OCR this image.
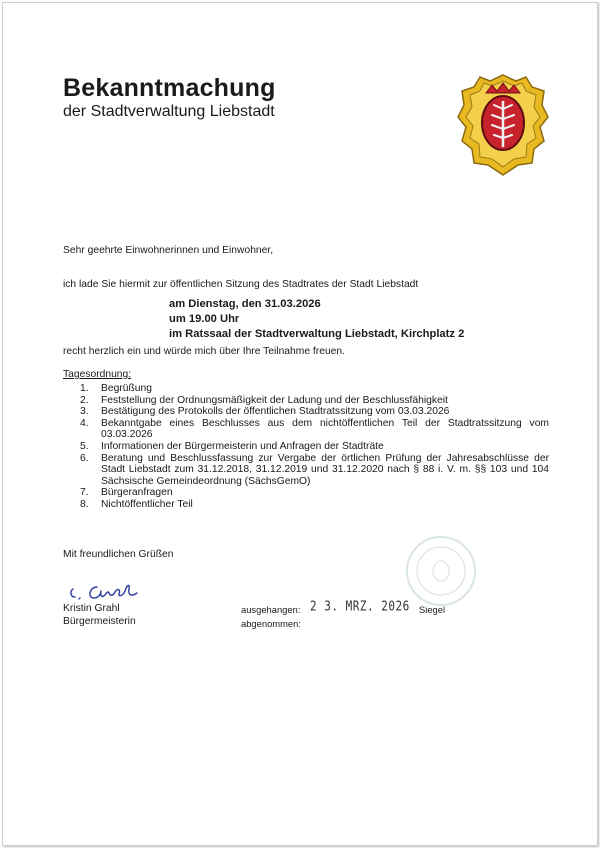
Bekanntmachung
der Stadtverwaltung Liebstadt
Sehr geehrte Einwohnerinnen und Einwohner,
ich lade Sie hiermit zur öffentlichen Sitzung des Stadtrates der Stadt Liebstadt
am Dienstag, den 31.03.2026
um 19.00 Uhr
im Ratssaal der Stadtverwaltung Liebstadt, Kirchplatz 2
recht herzlich ein und würde mich über Ihre Teilnahme freuen.
Tagesordnung:
1. Begrüßung
2. Feststellung der Ordnungsmäßigkeit der Ladung und der Beschlussfähigkeit
3. Bestätigung des Protokolls der öffentlichen Stadtratssitzung vom 03.03.2026
4. Bekanntgabe eines Beschlusses aus dem nichtöffentlichen Teil der Stadtratssitzung vom 03.03.2026
5. Informationen der Bürgermeisterin und Anfragen der Stadträte
6. Beratung und Beschlussfassung zur Vergabe der örtlichen Prüfung der Jahresabschlüsse der Stadt Liebstadt zum 31.12.2018, 31.12.2019 und 31.12.2020 nach § 88 i. V. m. §§ 103 und 104 Sächsische Gemeindeordnung (SächsGemO)
7. Bürgeranfragen
8. Nichtöffentlicher Teil
Mit freundlichen Grüßen
Kristin Grahl
Bürgermeisterin
ausgehangen: 2 3. MRZ. 2026
abgenommen:
Siegel
